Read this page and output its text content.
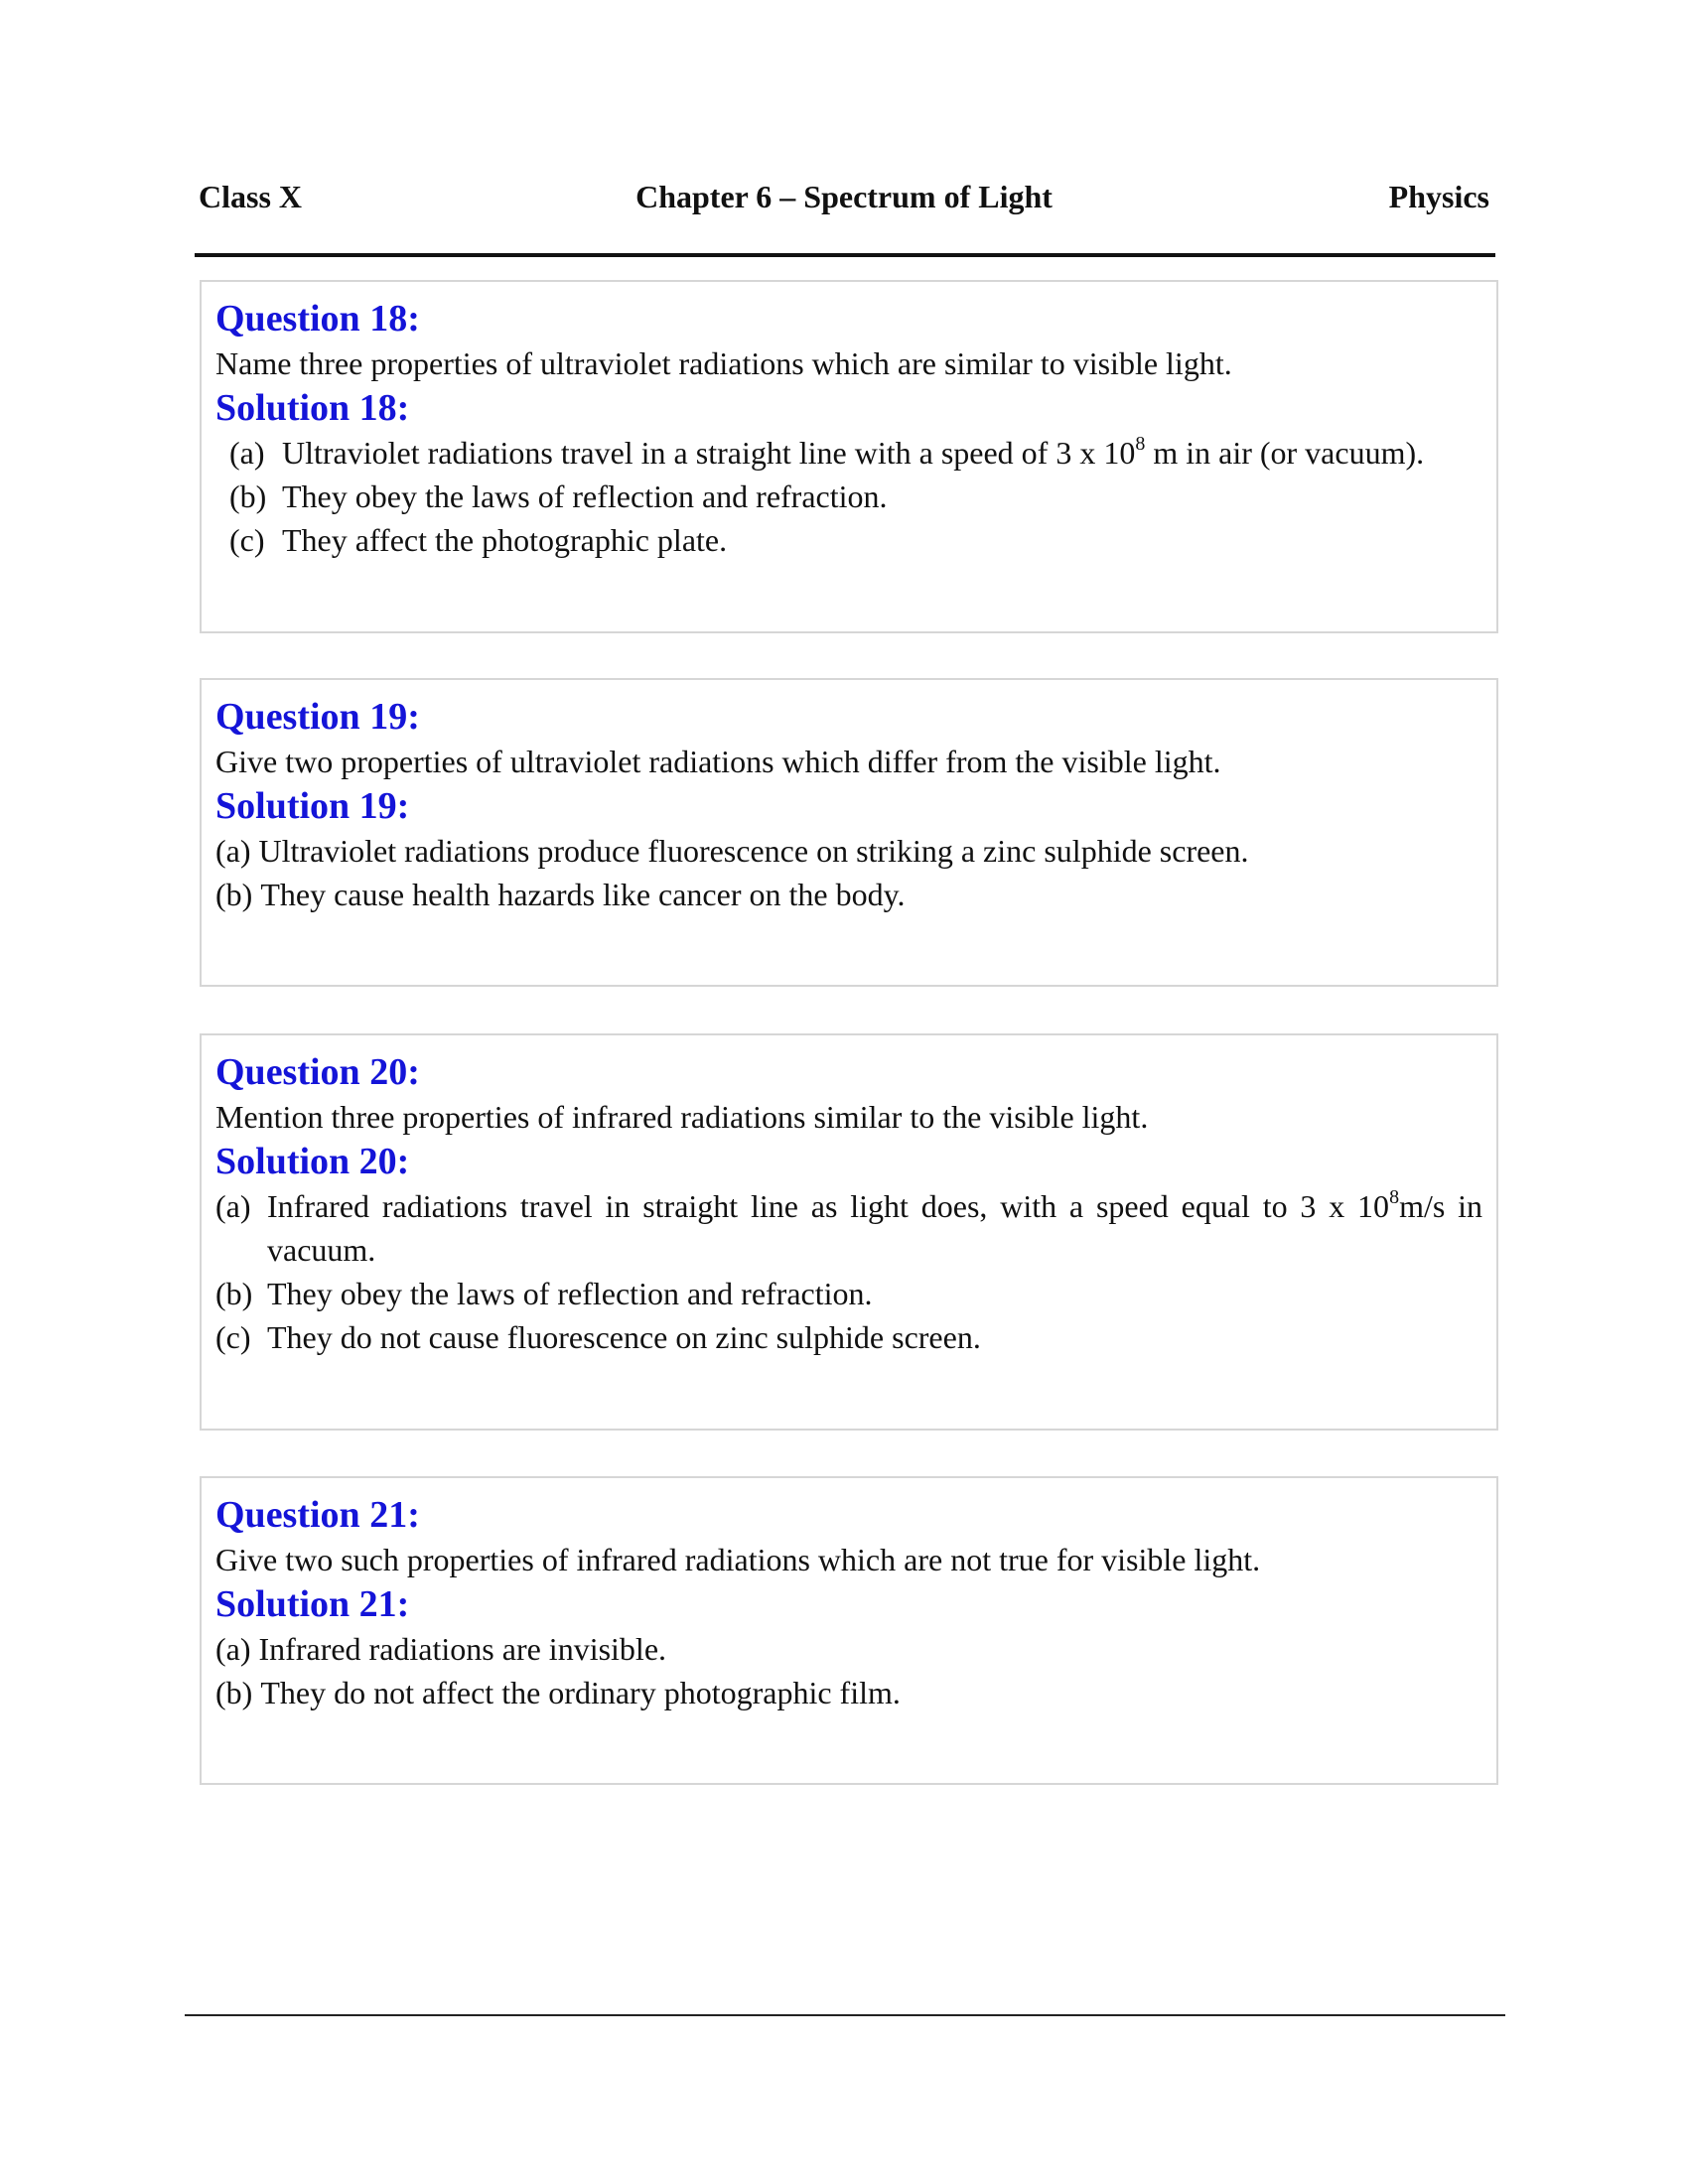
Class X	Chapter 6 – Spectrum of Light	Physics
Question 18:
Name three properties of ultraviolet radiations which are similar to visible light.
Solution 18:
(a) Ultraviolet radiations travel in a straight line with a speed of 3 x $10^8$ m in air (or vacuum).
(b) They obey the laws of reflection and refraction.
(c) They affect the photographic plate.
Question 19:
Give two properties of ultraviolet radiations which differ from the visible light.
Solution 19:
(a) Ultraviolet radiations produce fluorescence on striking a zinc sulphide screen.
(b) They cause health hazards like cancer on the body.
Question 20:
Mention three properties of infrared radiations similar to the visible light.
Solution 20:
(a) Infrared radiations travel in straight line as light does, with a speed equal to 3 x $10^8m/s$ in vacuum.
(b) They obey the laws of reflection and refraction.
(c) They do not cause fluorescence on zinc sulphide screen.
Question 21:
Give two such properties of infrared radiations which are not true for visible light.
Solution 21:
(a) Infrared radiations are invisible.
(b) They do not affect the ordinary photographic film.
